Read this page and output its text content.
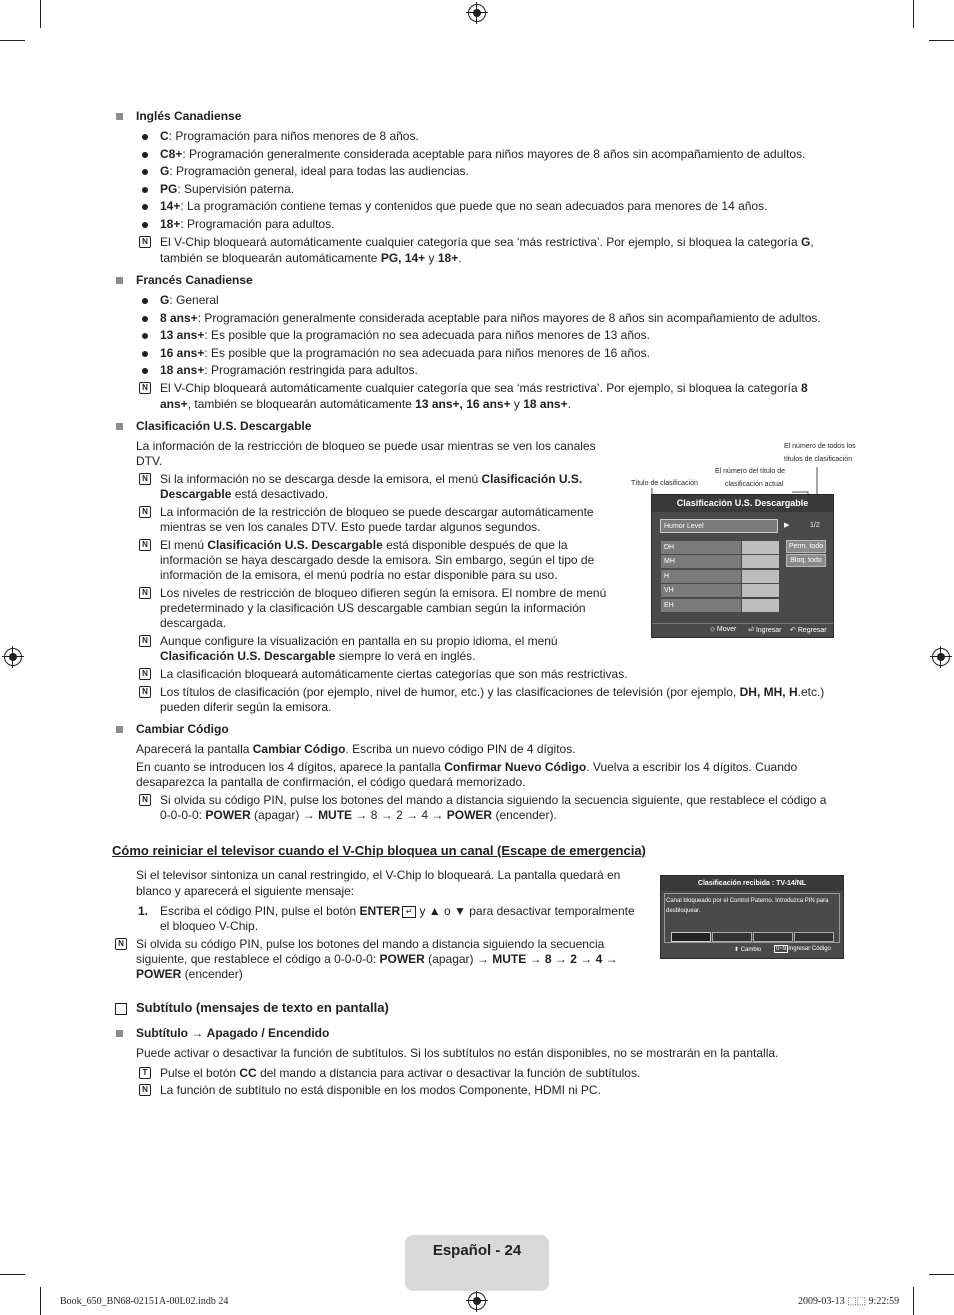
Inglés Canadiense
C: Programación para niños menores de 8 años.
C8+: Programación generalmente considerada aceptable para niños mayores de 8 años sin acompañamiento de adultos.
G: Programación general, ideal para todas las audiencias.
PG: Supervisión paterna.
14+: La programación contiene temas y contenidos que puede que no sean adecuados para menores de 14 años.
18+: Programación para adultos.
N El V-Chip bloqueará automáticamente cualquier categoría que sea ‘más restrictiva’. Por ejemplo, si bloquea la categoría G,
también se bloquearán automáticamente PG, 14+ y 18+.
Francés Canadiense
G: General
8 ans+: Programación generalmente considerada aceptable para niños mayores de 8 años sin acompañamiento de adultos.
13 ans+: Es posible que la programación no sea adecuada para niños menores de 13 años.
16 ans+: Es posible que la programación no sea adecuada para niños menores de 16 años.
18 ans+: Programación restringida para adultos.
N El V-Chip bloqueará automáticamente cualquier categoría que sea ‘más restrictiva’. Por ejemplo, si bloquea la categoría 8
ans+, también se bloquearán automáticamente 13 ans+, 16 ans+ y 18 ans+.
Clasificación U.S. Descargable
La información de la restricción de bloqueo se puede usar mientras se ven los canales
DTV.
N Si la información no se descarga desde la emisora, el menú Clasificación U.S.
Descargable está desactivado.
N La información de la restricción de bloqueo se puede descargar automáticamente
mientras se ven los canales DTV. Esto puede tardar algunos segundos.
N El menú Clasificación U.S. Descargable está disponible después de que la
información se haya descargado desde la emisora. Sin embargo, según el tipo de
información de la emisora, el menú podría no estar disponible para su uso.
N Los niveles de restricción de bloqueo difieren según la emisora. El nombre de menú
predeterminado y la clasificación US descargable cambian según la información
descargada.
N Aunque configure la visualización en pantalla en su propio idioma, el menú
Clasificación U.S. Descargable siempre lo verá en inglés.
N La clasificación bloqueará automáticamente ciertas categorías que son más restrictivas.
N Los títulos de clasificación (por ejemplo, nivel de humor, etc.) y las clasificaciones de televisión (por ejemplo, DH, MH, H.etc.)
pueden diferir según la emisora.
El número de todos los
títulos de clasificación
El número del título de
clasificación actual
Título de clasificación
Clasificación U.S. Descargable
Humor Level	▶	1/2
DH
MH
H
VH
EH
Perm. todo
Bloq. todo
⬦ Mover ⏎ Ingresar ↶ Regresar
Cambiar Código
Aparecerá la pantalla Cambiar Código. Escriba un nuevo código PIN de 4 dígitos.
En cuanto se introducen los 4 dígitos, aparece la pantalla Confirmar Nuevo Código. Vuelva a escribir los 4 dígitos. Cuando
desaparezca la pantalla de confirmación, el código quedará memorizado.
N Si olvida su código PIN, pulse los botones del mando a distancia siguiendo la secuencia siguiente, que restablece el código a
0-0-0-0: POWER (apagar) → MUTE → 8 → 2 → 4 → POWER (encender).
Cómo reiniciar el televisor cuando el V-Chip bloquea un canal (Escape de emergencia)
Si el televisor sintoniza un canal restringido, el V-Chip lo bloqueará. La pantalla quedará en
blanco y aparecerá el siguiente mensaje:
1. Escriba el código PIN, pulse el botón ENTER ↵ y ▲ o ▼ para desactivar temporalmente
el bloqueo V-Chip.
N Si olvida su código PIN, pulse los botones del mando a distancia siguiendo la secuencia
siguiente, que restablece el código a 0-0-0-0: POWER (apagar) → MUTE → 8 → 2 → 4 →
POWER (encender)
Clasificación recibida : TV-14/NL
Canal bloqueado por el Control Paterno. Introduzca PIN para
desbloquear.
⬍ Cambio	0~9 Ingresar Código
Subtítulo (mensajes de texto en pantalla)
Subtítulo → Apagado / Encendido
Puede activar o desactivar la función de subtítulos. Si los subtítulos no están disponibles, no se mostrarán en la pantalla.
T Pulse el botón CC del mando a distancia para activar o desactivar la función de subtítulos.
N La función de subtítulo no está disponible en los modos Componente, HDMI ni PC.
Español - 24
Book_650_BN68-02151A-00L02.indb 24	2009-03-13 ⬚⬚ 9:22:59
